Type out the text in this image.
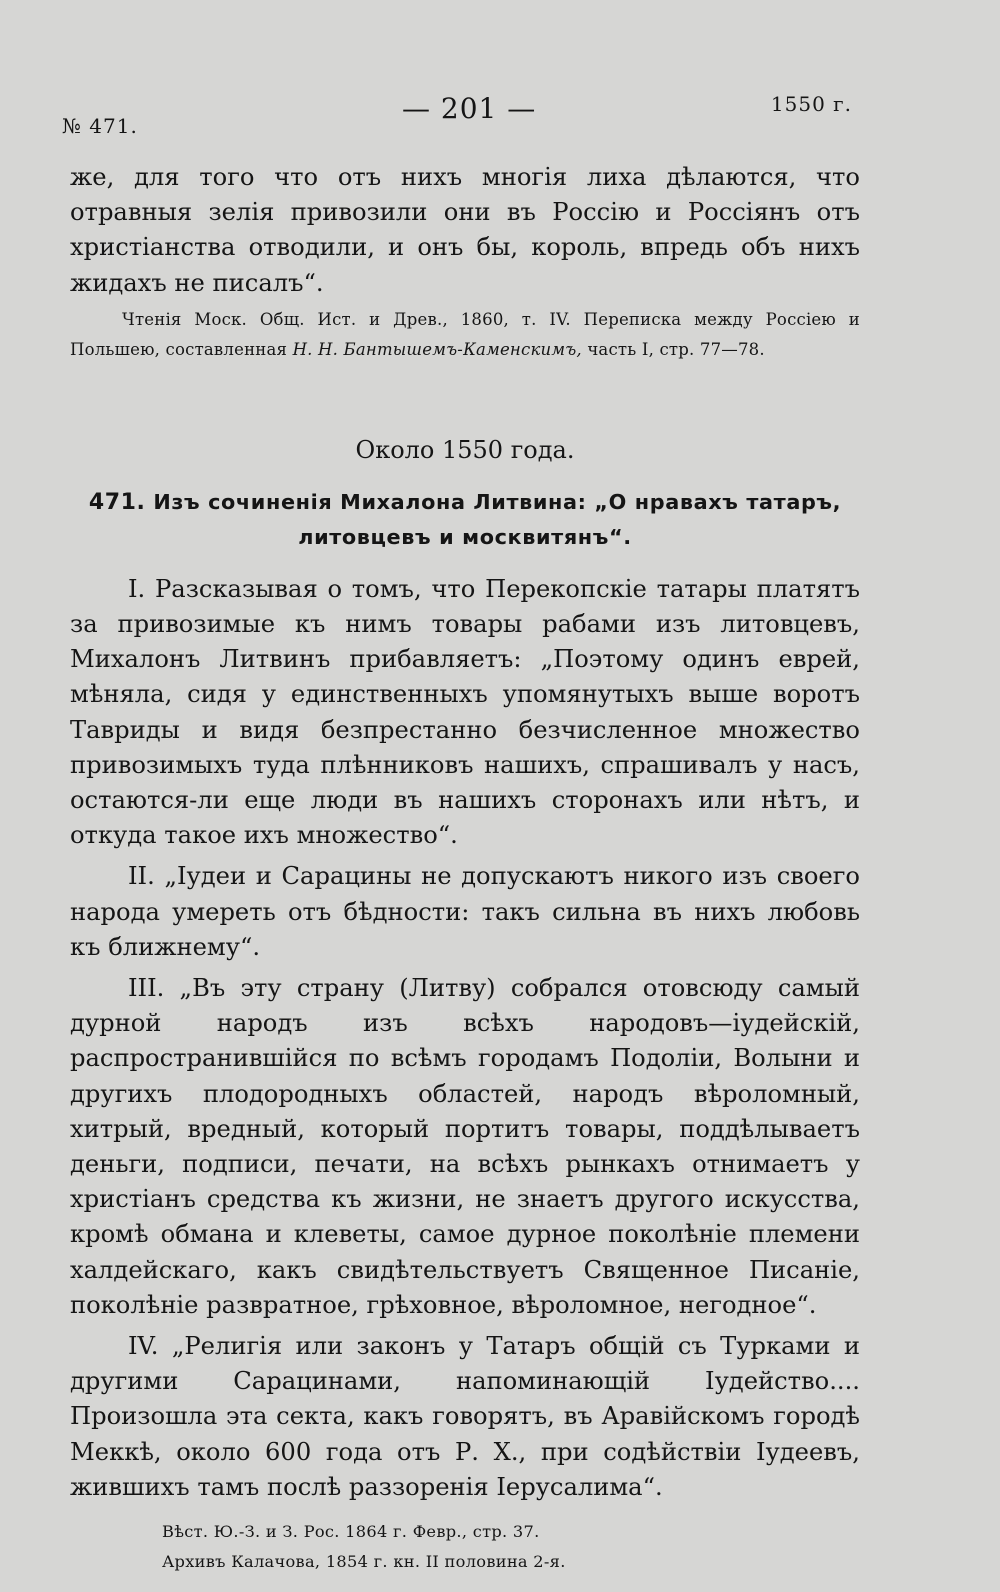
№ 471.
— 201 —	1550 г.

же, для того что отъ нихъ многія лиха дѣлаются, что отравныя зелія привозили они въ Россію и Россіянъ отъ христіанства отводили, и онъ бы, король, впредь объ нихъ жидахъ не писалъ“.

Чтенія Моск. Общ. Ист. и Древ., 1860, т. IV. Переписка между Россіею и Польшею, составленная Н. Н. Бантышемъ-Каменскимъ, часть I, стр. 77—78.

Около 1550 года.

471. Изъ сочиненія Михалона Литвина: „О нравахъ татаръ, литовцевъ и москвитянъ“.

I. Разсказывая о томъ, что Перекопскіе татары платятъ за привозимые къ нимъ товары рабами изъ литовцевъ, Михалонъ Литвинъ прибавляетъ: „Поэтому одинъ еврей, мѣняла, сидя у единственныхъ упомянутыхъ выше воротъ Тавриды и видя безпрестанно безчисленное множество привозимыхъ туда плѣнниковъ нашихъ, спрашивалъ у насъ, остаются-ли еще люди въ нашихъ сторонахъ или нѣтъ, и откуда такое ихъ множество“.

II. „Іудеи и Сарацины не допускаютъ никого изъ своего народа умереть отъ бѣдности: такъ сильна въ нихъ любовь къ ближнему“.

III. „Въ эту страну (Литву) собрался отовсюду самый дурной народъ изъ всѣхъ народовъ—іудейскій, распространившійся по всѣмъ городамъ Подоліи, Волыни и другихъ плодородныхъ областей, народъ вѣроломный, хитрый, вредный, который портитъ товары, поддѣлываетъ деньги, подписи, печати, на всѣхъ рынкахъ отнимаетъ у христіанъ средства къ жизни, не знаетъ другого искусства, кромѣ обмана и клеветы, самое дурное поколѣніе племени халдейскаго, какъ свидѣтельствуетъ Священное Писаніе, поколѣніе развратное, грѣховное, вѣроломное, негодное“.

IV. „Религія или законъ у Татаръ общій съ Турками и другими Сарацинами, напоминающій Іудейство.... Произошла эта секта, какъ говорятъ, въ Аравійскомъ городѣ Меккѣ, около 600 года отъ Р. Х., при содѣйствіи Іудеевъ, жившихъ тамъ послѣ раззоренія Іерусалима“.

Вѣст. Ю.-З. и З. Рос. 1864 г. Февр., стр. 37.
Архивъ Калачова, 1854 г. кн. II половина 2-я.
